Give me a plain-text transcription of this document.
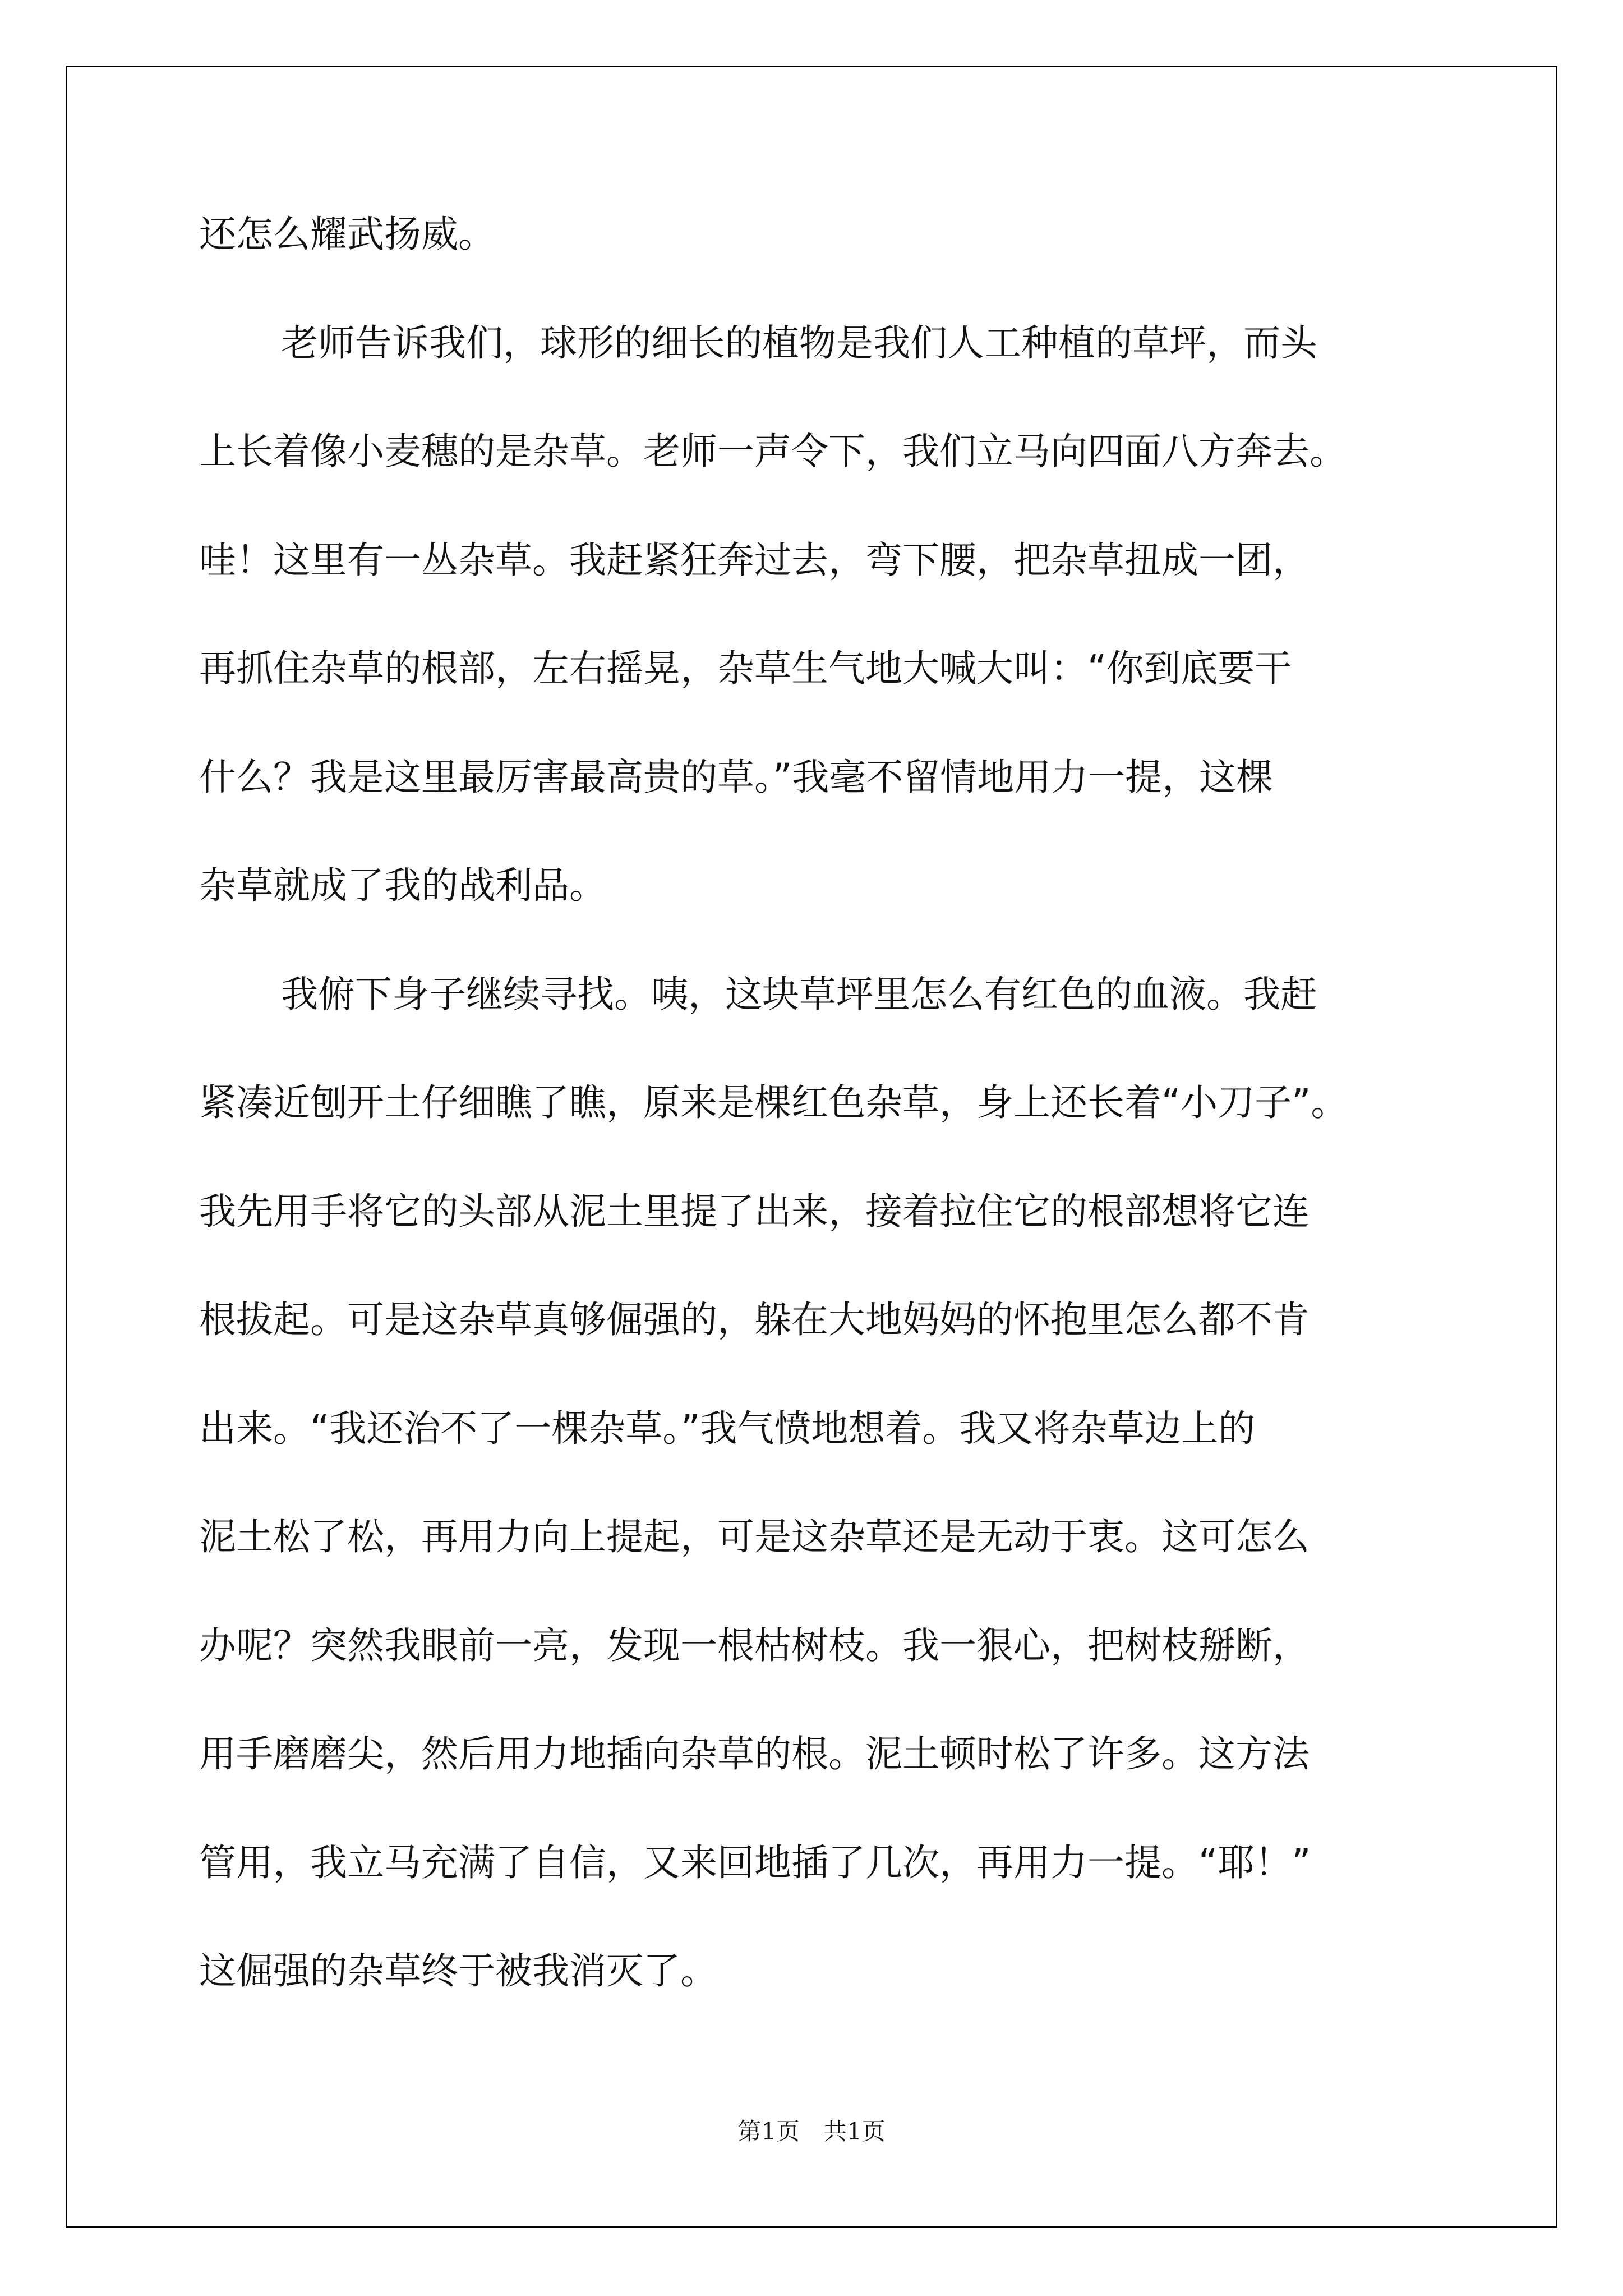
还怎么耀武扬威。
老师告诉我们，球形的细长的植物是我们人工种植的草坪，而头
上长着像小麦穗的是杂草。老师一声令下，我们立马向四面八方奔去。
哇！这里有一丛杂草。我赶紧狂奔过去，弯下腰，把杂草扭成一团，
再抓住杂草的根部，左右摇晃，杂草生气地大喊大叫：“你到底要干
什么？我是这里最厉害最高贵的草。”我毫不留情地用力一提，这棵
杂草就成了我的战利品。
我俯下身子继续寻找。咦，这块草坪里怎么有红色的血液。我赶
紧凑近刨开土仔细瞧了瞧，原来是棵红色杂草，身上还长着“小刀子”。
我先用手将它的头部从泥土里提了出来，接着拉住它的根部想将它连
根拔起。可是这杂草真够倔强的，躲在大地妈妈的怀抱里怎么都不肯
出来。“我还治不了一棵杂草。”我气愤地想着。我又将杂草边上的
泥土松了松，再用力向上提起，可是这杂草还是无动于衷。这可怎么
办呢？突然我眼前一亮，发现一根枯树枝。我一狠心，把树枝掰断，
用手磨磨尖，然后用力地插向杂草的根。泥土顿时松了许多。这方法
管用，我立马充满了自信，又来回地插了几次，再用力一提。“耶！”
这倔强的杂草终于被我消灭了。
第1页　共1页
